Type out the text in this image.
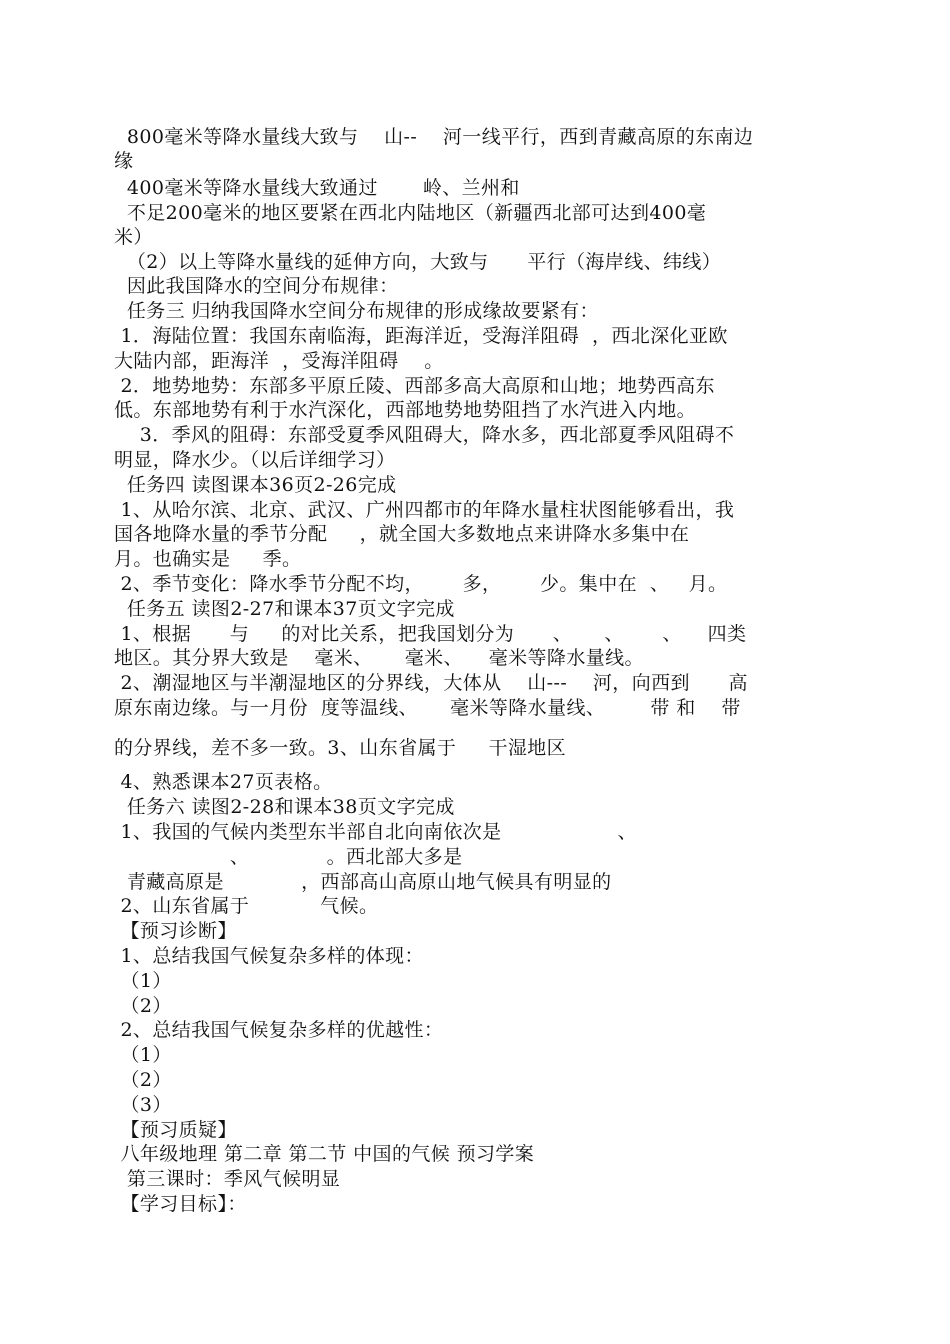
800毫米等降水量线大致与    山--    河一线平行，西到青藏高原的东南边
缘
400毫米等降水量线大致通过       岭、兰州和
不足200毫米的地区要紧在西北内陆地区（新疆西北部可达到400毫
米）
（2）以上等降水量线的延伸方向，大致与      平行（海岸线、纬线）
因此我国降水的空间分布规律：
任务三 归纳我国降水空间分布规律的形成缘故要紧有：
1．海陆位置：我国东南临海，距海洋近，受海洋阻碍  ，西北深化亚欧
大陆内部，距海洋  ，受海洋阻碍    。
2．地势地势：东部多平原丘陵、西部多高大高原和山地；地势西高东
低。东部地势有利于水汽深化，西部地势地势阻挡了水汽进入内地。
3．季风的阻碍：东部受夏季风阻碍大，降水多，西北部夏季风阻碍不
明显，降水少。（以后详细学习）
任务四 读图课本36页2-26完成
1、从哈尔滨、北京、武汉、广州四都市的年降水量柱状图能够看出，我
国各地降水量的季节分配     ，就全国大多数地点来讲降水多集中在
月。也确实是     季。
2、季节变化：降水季节分配不均，      多，      少。集中在  、   月。
任务五 读图2-27和课本37页文字完成
1、根据      与     的对比关系，把我国划分为      、     、      、    四类
地区。其分界大致是    毫米、     毫米、    毫米等降水量线。
2、潮湿地区与半潮湿地区的分界线，大体从    山---    河，向西到      高
原东南边缘。与一月份  度等温线、     毫米等降水量线、       带 和    带
的分界线，差不多一致。3、山东省属于     干湿地区
4、熟悉课本27页表格。
任务六 读图2-28和课本38页文字完成
1、我国的气候内类型东半部自北向南依次是                  、
、            。西北部大多是
青藏高原是            ，西部高山高原山地气候具有明显的
2、山东省属于           气候。
【预习诊断】
1、总结我国气候复杂多样的体现：
（1）
（2）
2、总结我国气候复杂多样的优越性：
（1）
（2）
（3）
【预习质疑】
八年级地理 第二章 第二节 中国的气候 预习学案
第三课时：季风气候明显
【学习目标】：
